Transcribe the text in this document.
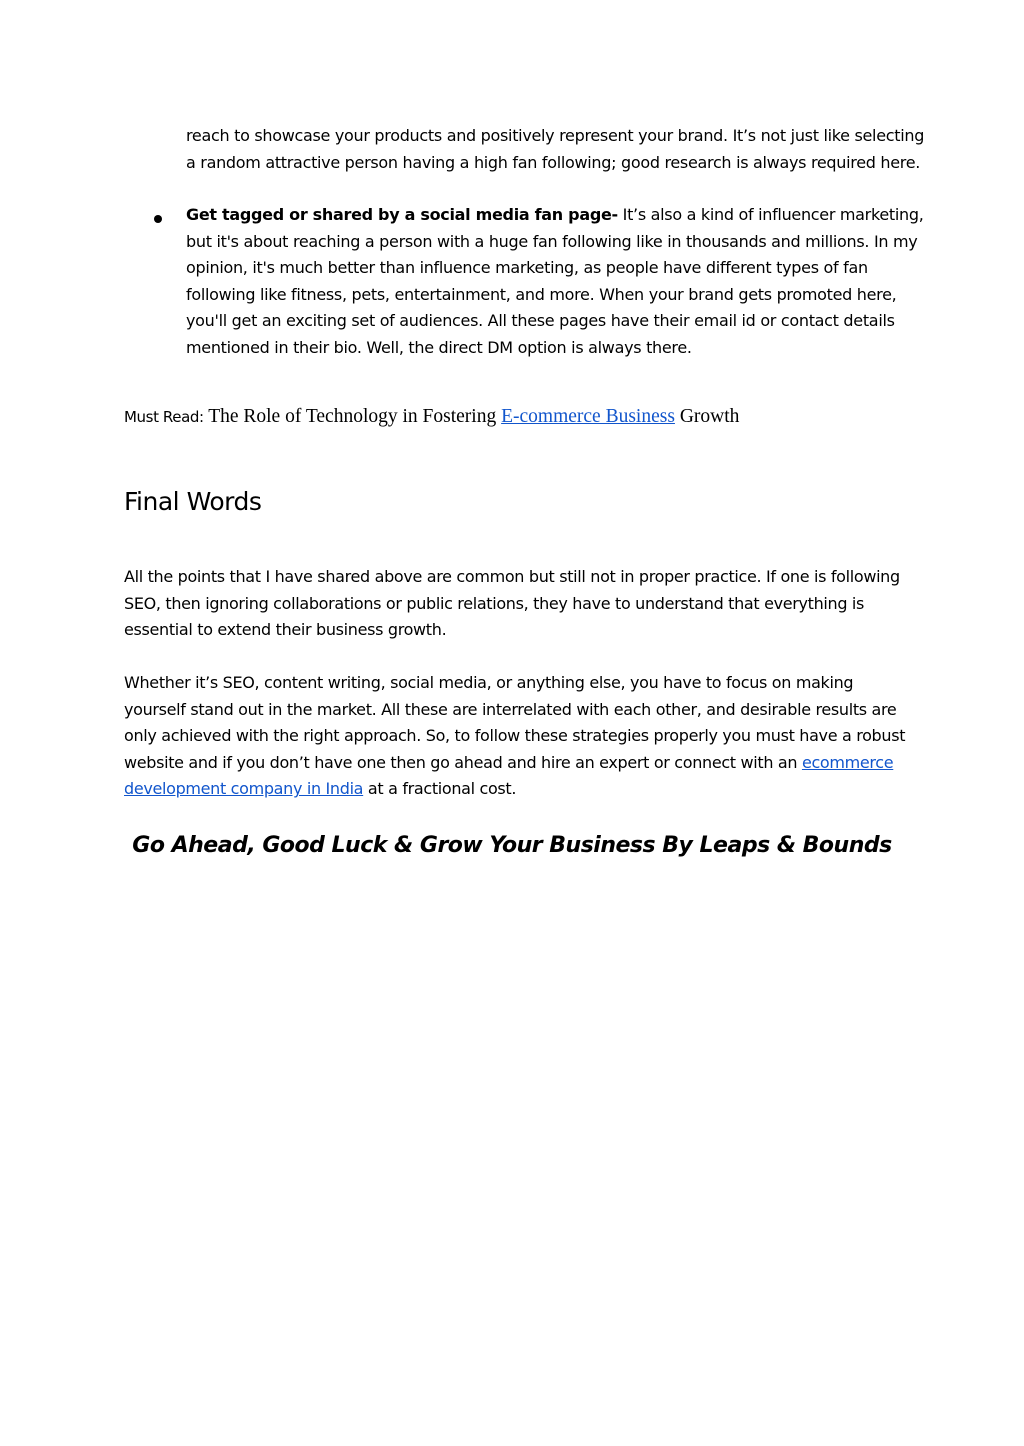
reach to showcase your products and positively represent your brand. It’s not just like selecting a random attractive person having a high fan following; good research is always required here.

Get tagged or shared by a social media fan page- It’s also a kind of influencer marketing, but it's about reaching a person with a huge fan following like in thousands and millions. In my opinion, it's much better than influence marketing, as people have different types of fan following like fitness, pets, entertainment, and more. When your brand gets promoted here, you'll get an exciting set of audiences. All these pages have their email id or contact details mentioned in their bio. Well, the direct DM option is always there.

Must Read: The Role of Technology in Fostering E-commerce Business Growth
Final Words

All the points that I have shared above are common but still not in proper practice. If one is following SEO, then ignoring collaborations or public relations, they have to understand that everything is essential to extend their business growth.

Whether it’s SEO, content writing, social media, or anything else, you have to focus on making yourself stand out in the market. All these are interrelated with each other, and desirable results are only achieved with the right approach. So, to follow these strategies properly you must have a robust website and if you don’t have one then go ahead and hire an expert or connect with an ecommerce development company in India at a fractional cost.

Go Ahead, Good Luck & Grow Your Business By Leaps & Bounds
